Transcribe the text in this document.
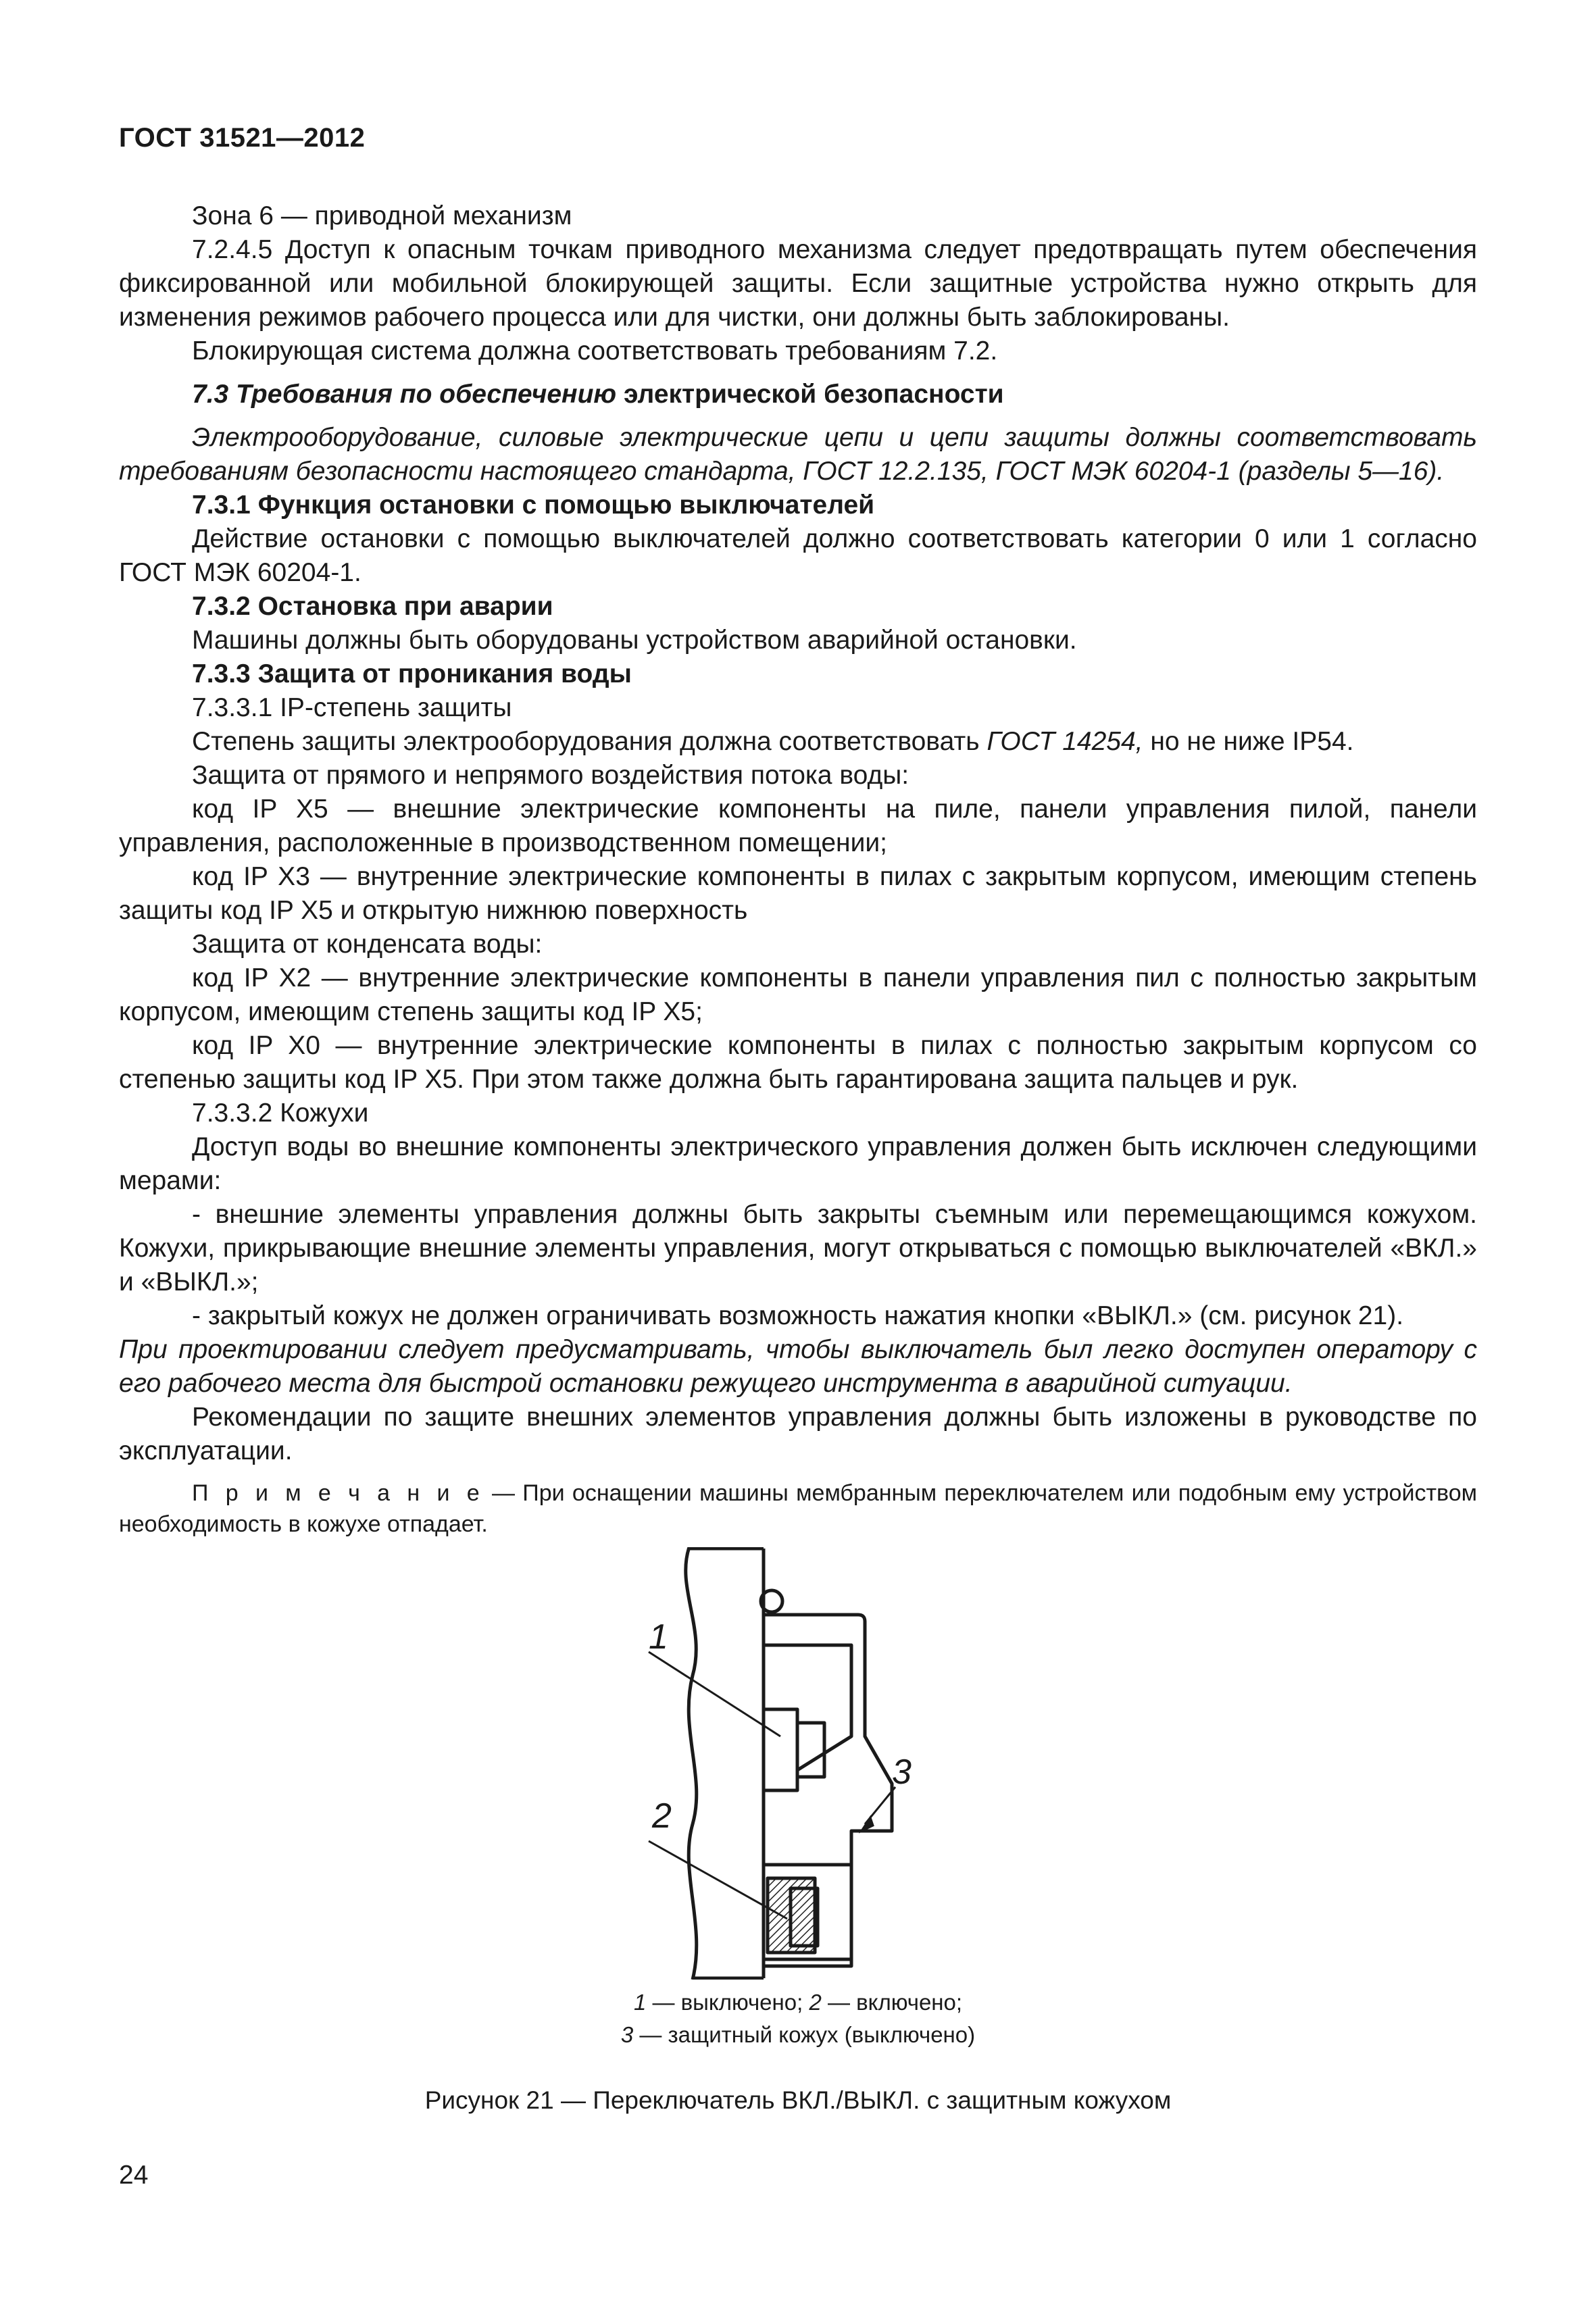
ГОСТ 31521—2012

Зона 6 — приводной механизм

7.2.4.5 Доступ к опасным точкам приводного механизма следует предотвращать путем обеспечения фиксированной или мобильной блокирующей защиты. Если защитные устройства нужно открыть для изменения режимов рабочего процесса или для чистки, они должны быть заблокированы.

Блокирующая система должна соответствовать требованиям 7.2.

7.3 Требования по обеспечению электрической безопасности

Электрооборудование, силовые электрические цепи и цепи защиты должны соответствовать требованиям безопасности настоящего стандарта, ГОСТ 12.2.135, ГОСТ МЭК 60204-1 (разделы 5—16).

7.3.1 Функция остановки с помощью выключателей

Действие остановки с помощью выключателей должно соответствовать категории 0 или 1 согласно ГОСТ МЭК 60204-1.

7.3.2 Остановка при аварии

Машины должны быть оборудованы устройством аварийной остановки.

7.3.3 Защита от проникания воды

7.3.3.1 IP-степень защиты

Степень защиты электрооборудования должна соответствовать ГОСТ 14254, но не ниже IP54.

Защита от прямого и непрямого воздействия потока воды:

код IP X5 — внешние электрические компоненты на пиле, панели управления пилой, панели управления, расположенные в производственном помещении;

код IP X3 — внутренние электрические компоненты в пилах с закрытым корпусом, имеющим степень защиты код IP X5 и открытую нижнюю поверхность

Защита от конденсата воды:

код IP X2 — внутренние электрические компоненты в панели управления пил с полностью закрытым корпусом, имеющим степень защиты код IP X5;

код IP X0 — внутренние электрические компоненты в пилах с полностью закрытым корпусом со степенью защиты код IP X5. При этом также должна быть гарантирована защита пальцев и рук.

7.3.3.2 Кожухи

Доступ воды во внешние компоненты электрического управления должен быть исключен следующими мерами:

- внешние элементы управления должны быть закрыты съемным или перемещающимся кожухом. Кожухи, прикрывающие внешние элементы управления, могут открываться с помощью выключателей «ВКЛ.» и «ВЫКЛ.»;

- закрытый кожух не должен ограничивать возможность нажатия кнопки «ВЫКЛ.» (см. рисунок 21).

При проектировании следует предусматривать, чтобы выключатель был легко доступен оператору с его рабочего места для быстрой остановки режущего инструмента в аварийной ситуации.

Рекомендации по защите внешних элементов управления должны быть изложены в руководстве по эксплуатации.

П р и м е ч а н и е — При оснащении машины мембранным переключателем или подобным ему устройством необходимость в кожухе отпадает.

1
2
3
1 — выключено; 2 — включено;
3 — защитный кожух (выключено)
Рисунок 21 — Переключатель ВКЛ./ВЫКЛ. с защитным кожухом
24
